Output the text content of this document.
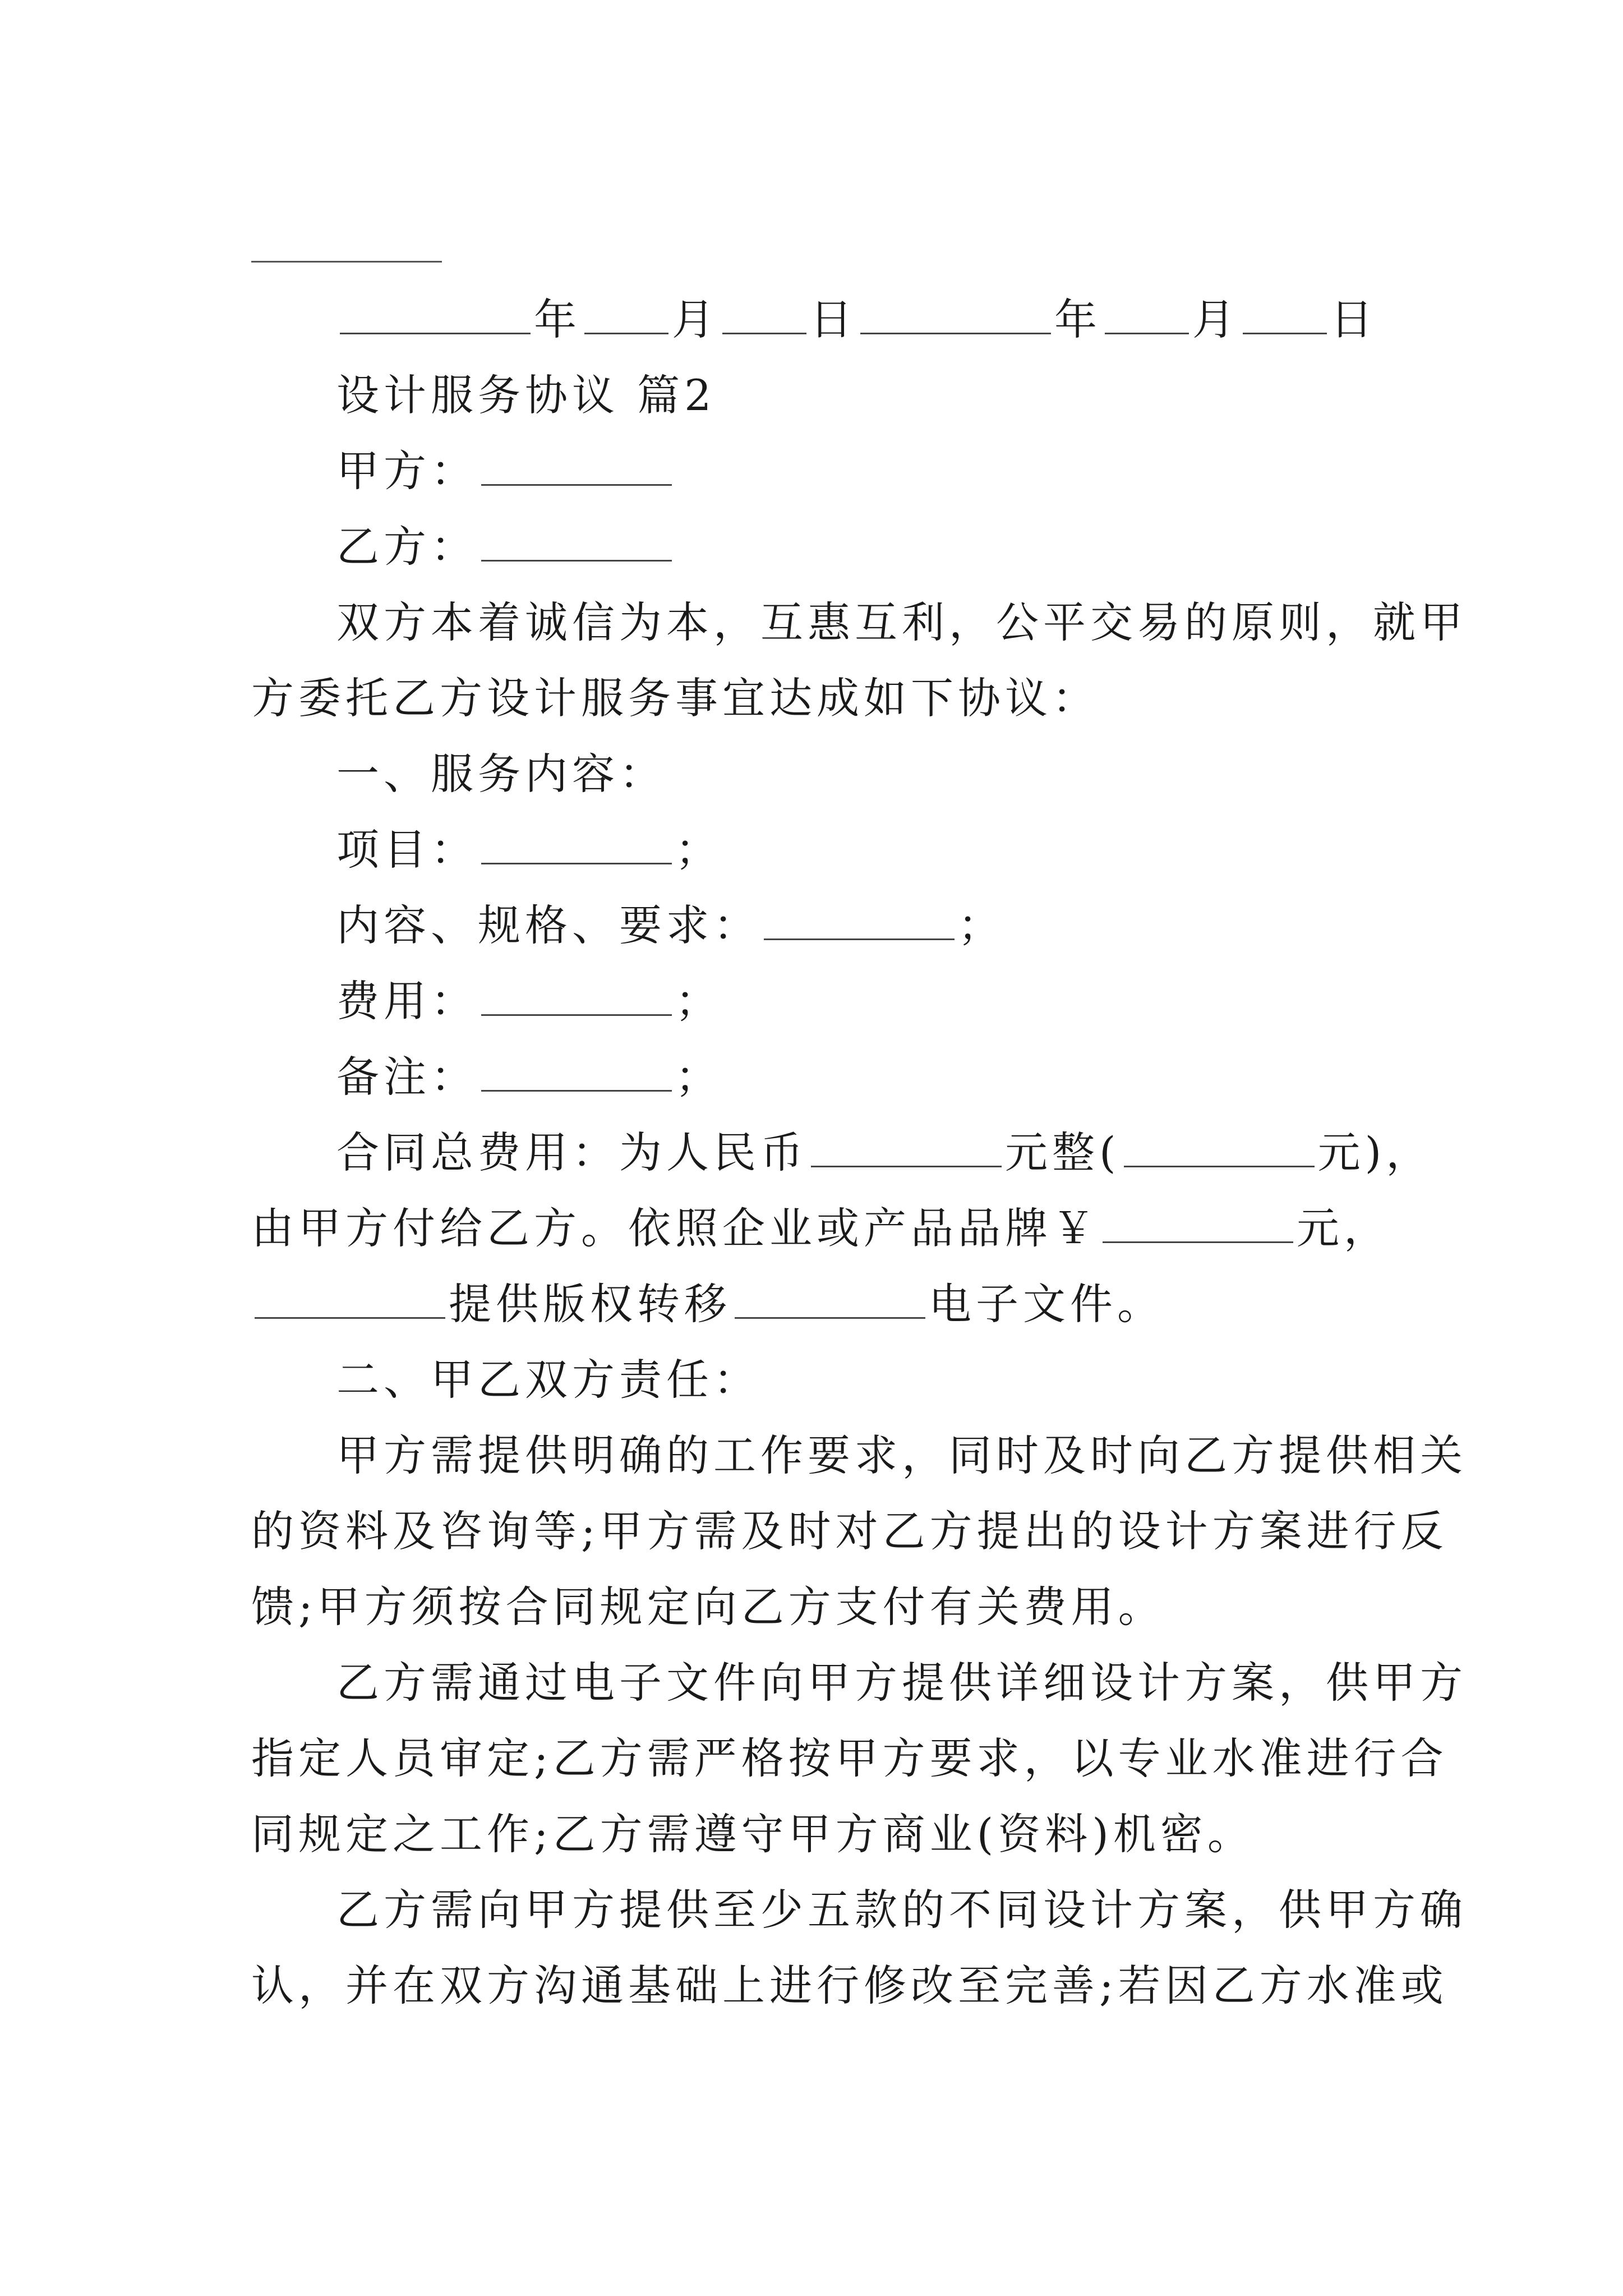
年 月 日	年 月 日
设计服务协议 篇2
甲方：
乙方：
双方本着诚信为本，互惠互利，公平交易的原则，就甲
方委托乙方设计服务事宜达成如下协议：
一、服务内容：
项目：	；
内容、规格、要求：	；
费用：	；
备注：	；
合同总费用：为人民币	元整(	元)，
由甲方付给乙方。依照企业或产品品牌￥	元，
提供版权转移	电子文件。
二、甲乙双方责任：
甲方需提供明确的工作要求，同时及时向乙方提供相关
的资料及咨询等;甲方需及时对乙方提出的设计方案进行反
馈;甲方须按合同规定向乙方支付有关费用。
乙方需通过电子文件向甲方提供详细设计方案，供甲方
指定人员审定;乙方需严格按甲方要求，以专业水准进行合
同规定之工作;乙方需遵守甲方商业(资料)机密。
乙方需向甲方提供至少五款的不同设计方案，供甲方确
认，并在双方沟通基础上进行修改至完善;若因乙方水准或
